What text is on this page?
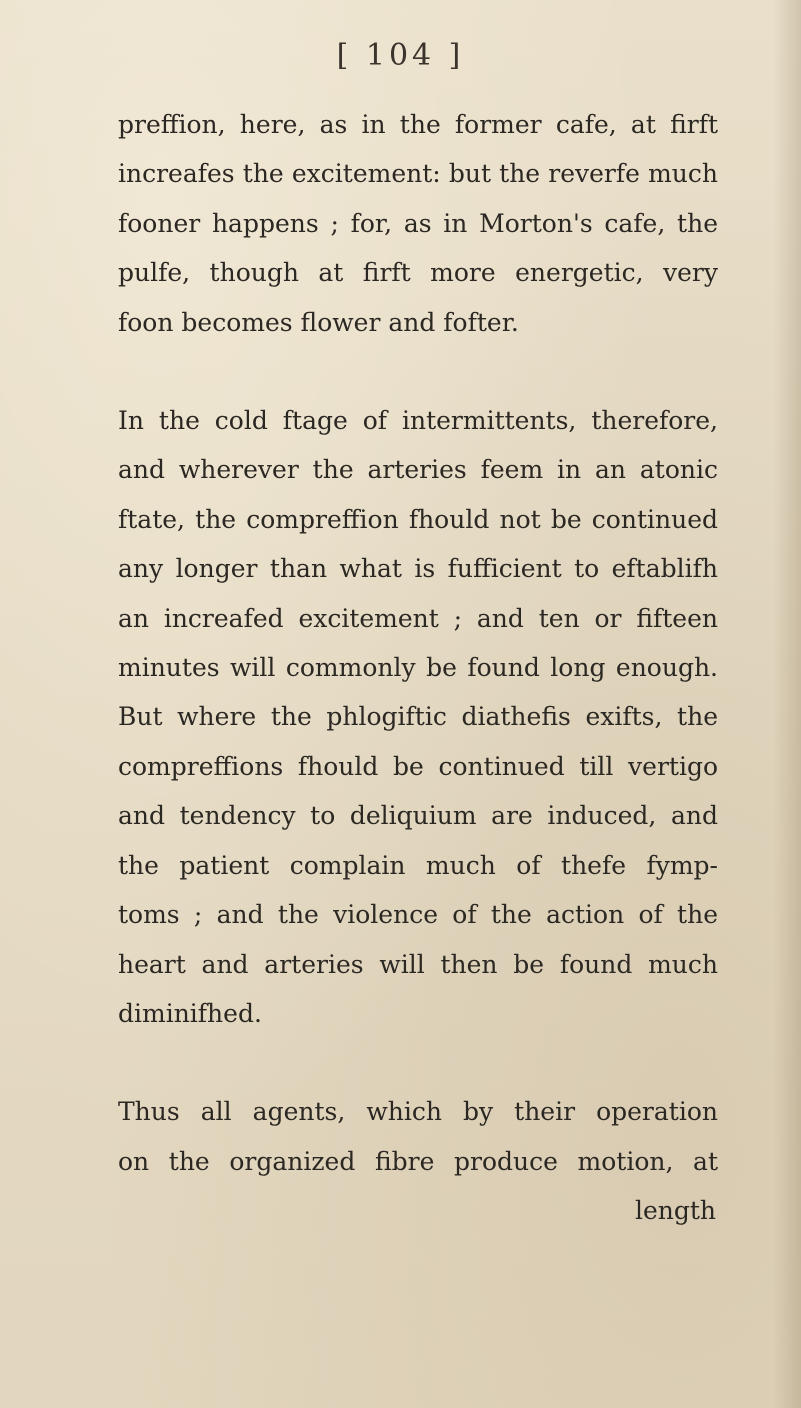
[ 104 ]

preffion, here, as in the former cafe, at firft
increafes the excitement: but the reverfe much
fooner happens ; for, as in Morton's cafe, the
pulfe, though at firft more energetic, very
foon becomes flower and fofter.

In the cold ftage of intermittents, therefore,
and wherever the arteries feem in an atonic
ftate, the compreffion fhould not be continued
any longer than what is fufficient to eftablifh
an increafed excitement ; and ten or fifteen
minutes will commonly be found long enough.
But where the phlogiftic diathefis exifts, the
compreffions fhould be continued till vertigo
and tendency to deliquium are induced, and
the patient complain much of thefe fymp-
toms ; and the violence of the action of the
heart and arteries will then be found much
diminifhed.

Thus all agents, which by their operation
on the organized fibre produce motion, at

length
